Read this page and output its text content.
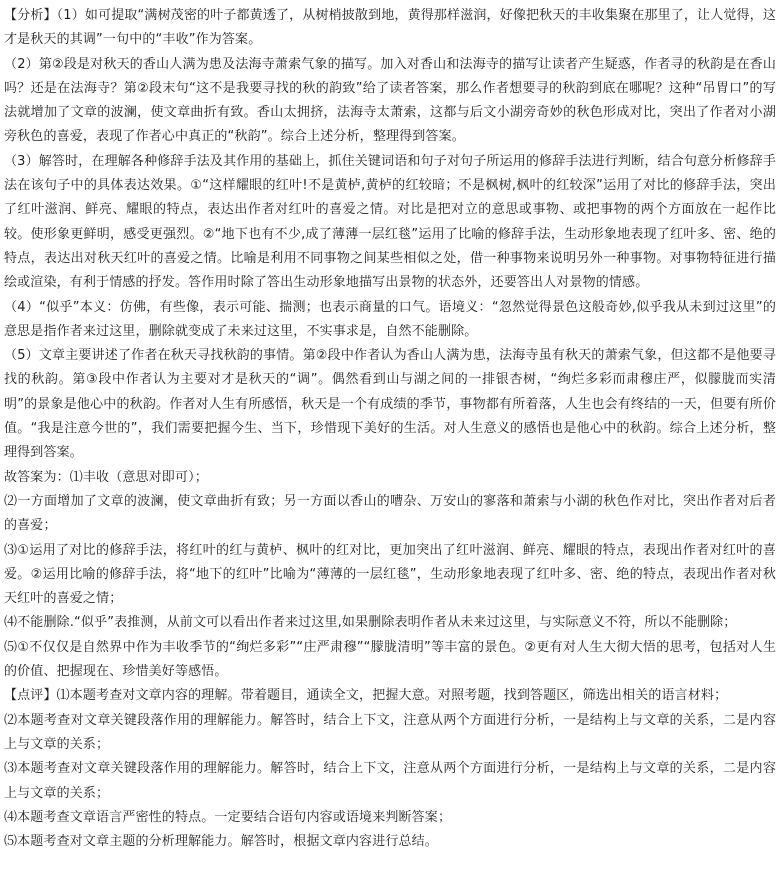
【分析】（1）如可提取“满树茂密的叶子都黄透了，从树梢披散到地，黄得那样滋润，好像把秋天的丰收集聚在那里了，让人觉得，这才是秋天的其调”一句中的“丰收”作为答案。

（2）第②段是对秋天的香山人满为患及法海寺萧索气象的描写。加入对香山和法海寺的描写让读者产生疑惑，作者寻的秋韵是在香山吗？还是在法海寺？第②段末句“这不是我要寻找的秋的韵致”给了读者答案，那么作者想要寻的秋韵到底在哪呢？这种“吊胃口”的写法就增加了文章的波澜，使文章曲折有致。香山太拥挤，法海寺太萧索，这都与后文小湖旁奇妙的秋色形成对比，突出了作者对小湖旁秋色的喜爱，表现了作者心中真正的“秋韵”。综合上述分析，整理得到答案。

（3）解答时，在理解各种修辞手法及其作用的基础上，抓住关键词语和句子对句子所运用的修辞手法进行判断，结合句意分析修辞手法在该句子中的具体表达效果。①“这样耀眼的红叶!不是黄栌,黄栌的红较暗；不是枫树,枫叶的红较深”运用了对比的修辞手法，突出了红叶滋润、鲜亮、耀眼的特点，表达出作者对红叶的喜爱之情。对比是把对立的意思或事物、或把事物的两个方面放在一起作比较。使形象更鲜明，感受更强烈。②“地下也有不少,成了薄薄一层红毯”运用了比喻的修辞手法，生动形象地表现了红叶多、密、绝的特点，表达出对秋天红叶的喜爱之情。比喻是利用不同事物之间某些相似之处，借一种事物来说明另外一种事物。对事物特征进行描绘或渲染，有利于情感的抒发。答作用时除了答出生动形象地描写出景物的状态外，还要答出人对景物的情感。

（4）“似乎”本义：仿佛，有些像，表示可能、揣测；也表示商量的口气。语境义：“忽然觉得景色这般奇妙,似乎我从未到过这里”的意思是指作者来过这里，删除就变成了未来过这里，不实事求是，自然不能删除。

（5）文章主要讲述了作者在秋天寻找秋韵的事情。第②段中作者认为香山人满为患，法海寺虽有秋天的萧索气象，但这都不是他要寻找的秋韵。第③段中作者认为主要对才是秋天的“调”。偶然看到山与湖之间的一排银杏树，“绚烂多彩而肃穆庄严，似朦胧而实清明”的景象是他心中的秋韵。作者对人生有所感悟，秋天是一个有成绩的季节，事物都有所着落，人生也会有终结的一天，但要有所价值。“我是注意今世的”，我们需要把握今生、当下，珍惜现下美好的生活。对人生意义的感悟也是他心中的秋韵。综合上述分析，整理得到答案。

故答案为：⑴丰收（意思对即可）；

⑵一方面增加了文章的波澜，使文章曲折有致；另一方面以香山的嘈杂、万安山的寥落和萧索与小湖的秋色作对比，突出作者对后者的喜爱；

⑶①运用了对比的修辞手法，将红叶的红与黄栌、枫叶的红对比，更加突出了红叶滋润、鲜亮、耀眼的特点，表现出作者对红叶的喜爱。②运用比喻的修辞手法，将“地下的红叶”比喻为“薄薄的一层红毯”，生动形象地表现了红叶多、密、绝的特点，表现出作者对秋天红叶的喜爱之情；

⑷不能删除.“似乎”表推测，从前文可以看出作者来过这里,如果删除表明作者从未来过这里，与实际意义不符，所以不能删除；

⑸①不仅仅是自然界中作为丰收季节的“绚烂多彩”“庄严肃穆”“朦胧清明”等丰富的景色。②更有对人生大彻大悟的思考，包括对人生的价值、把握现在、珍惜美好等感悟。

【点评】⑴本题考查对文章内容的理解。带着题目，通读全文，把握大意。对照考题，找到答题区，筛选出相关的语言材料；

⑵本题考查对文章关键段落作用的理解能力。解答时，结合上下文，注意从两个方面进行分析，一是结构上与文章的关系，二是内容上与文章的关系；

⑶本题考查对文章关键段落作用的理解能力。解答时，结合上下文，注意从两个方面进行分析，一是结构上与文章的关系，二是内容上与文章的关系；

⑷本题考查文章语言严密性的特点。一定要结合语句内容或语境来判断答案；

⑸本题考查对文章主题的分析理解能力。解答时，根据文章内容进行总结。
